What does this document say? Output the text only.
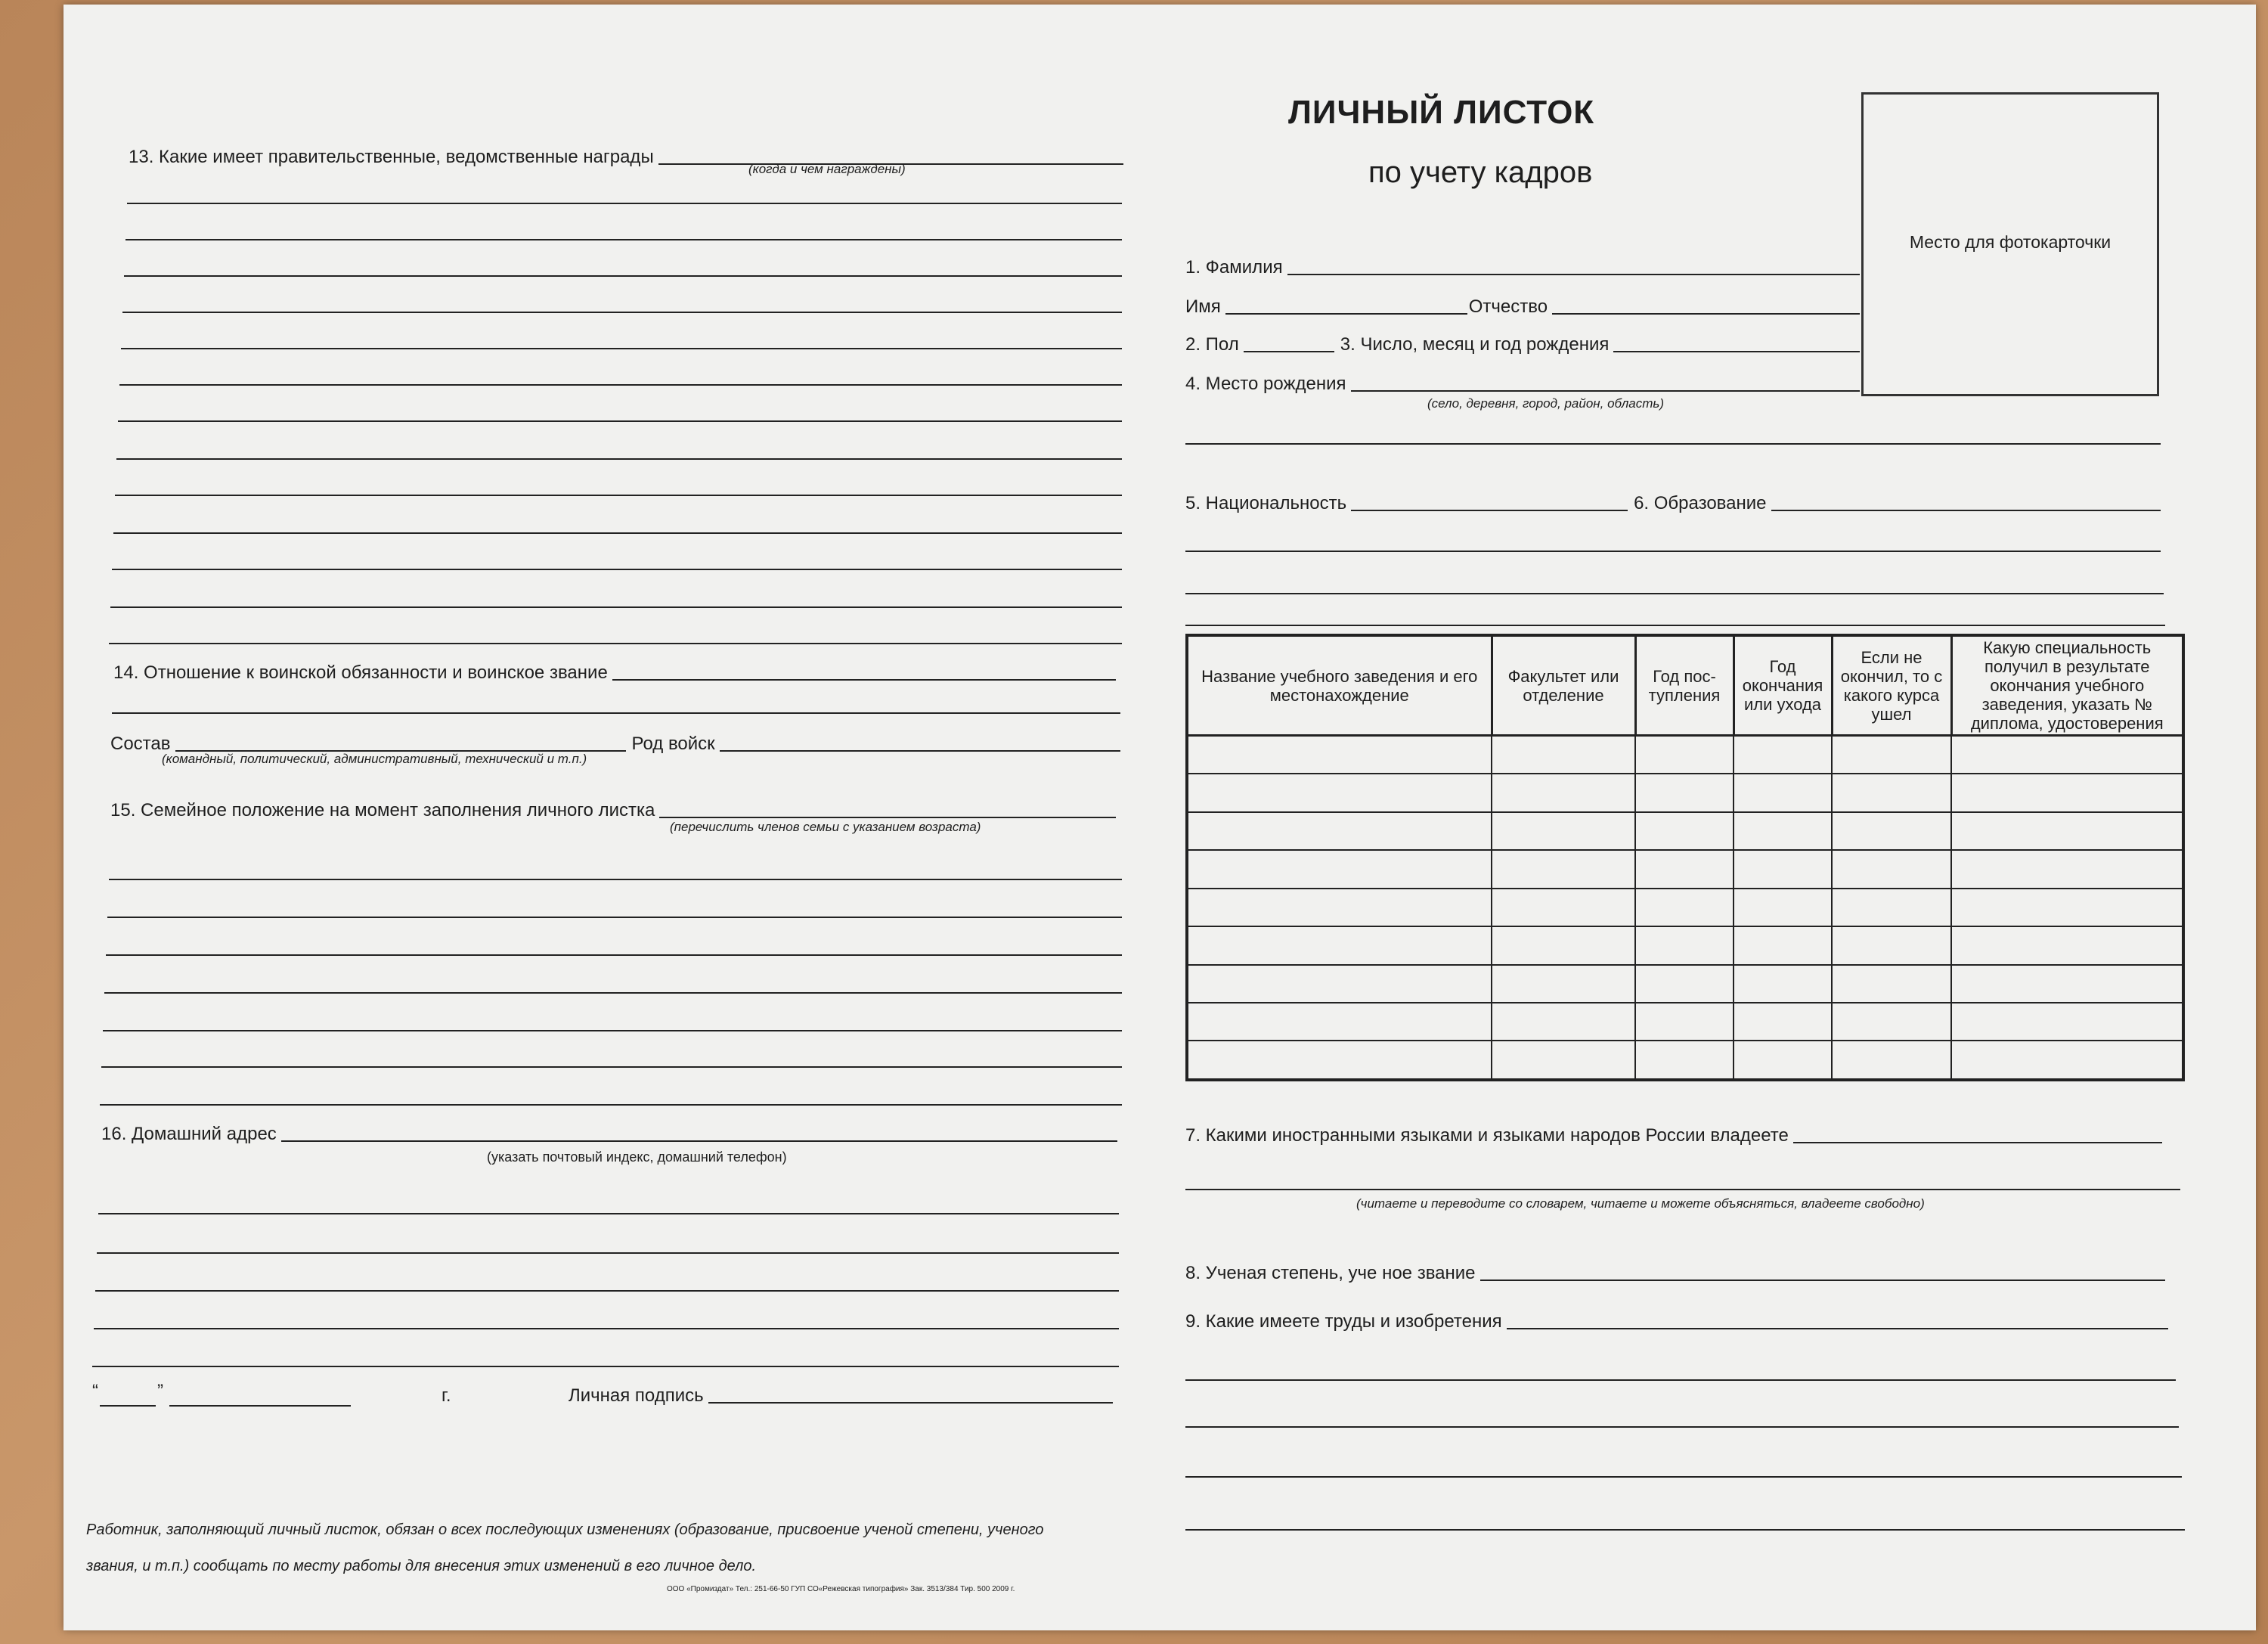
ЛИЧНЫЙ ЛИСТОК
по учету кадров
Место для фотокарточки
1. Фамилия
Имя	Отчество
2. Пол	3. Число, месяц и год рождения
4. Место рождения
(село, деревня, город, район, область)
5. Национальность	6. Образование
Название учебного заведения и его местонахождение	Факультет или отделение	Год пос-тупления	Год окончания или ухода	Если не окончил, то с какого курса ушел	Какую специальность получил в результате окончания учебного заведения, указать № диплома, удостоверения

7. Какими иностранными языками и языками народов России владеете
(читаете и переводите со словарем, читаете и можете объясняться, владеете свободно)
8. Ученая степень, уче ное звание
9. Какие имеете труды и изобретения
13. Какие имеет правительственные, ведомственные награды
(когда и чем награждены)
14. Отношение к воинской обязанности и воинское звание
Состав	Род войск
(командный, политический, административный, технический и т.п.)
15. Семейное положение на момент заполнения личного листка
(перечислить членов семьи с указанием возраста)
16. Домашний адрес
(указать почтовый индекс, домашний телефон)
“	”	г.	Личная подпись
Работник, заполняющий личный листок, обязан о всех последующих изменениях (образование, присвоение ученой степени, ученого
звания, и т.п.) сообщать по месту работы для внесения этих изменений в его личное дело.
ООО «Промиздат» Тел.: 251-66-50 ГУП СО«Режевская типография» Зак. 3513/384 Тир. 500 2009 г.
